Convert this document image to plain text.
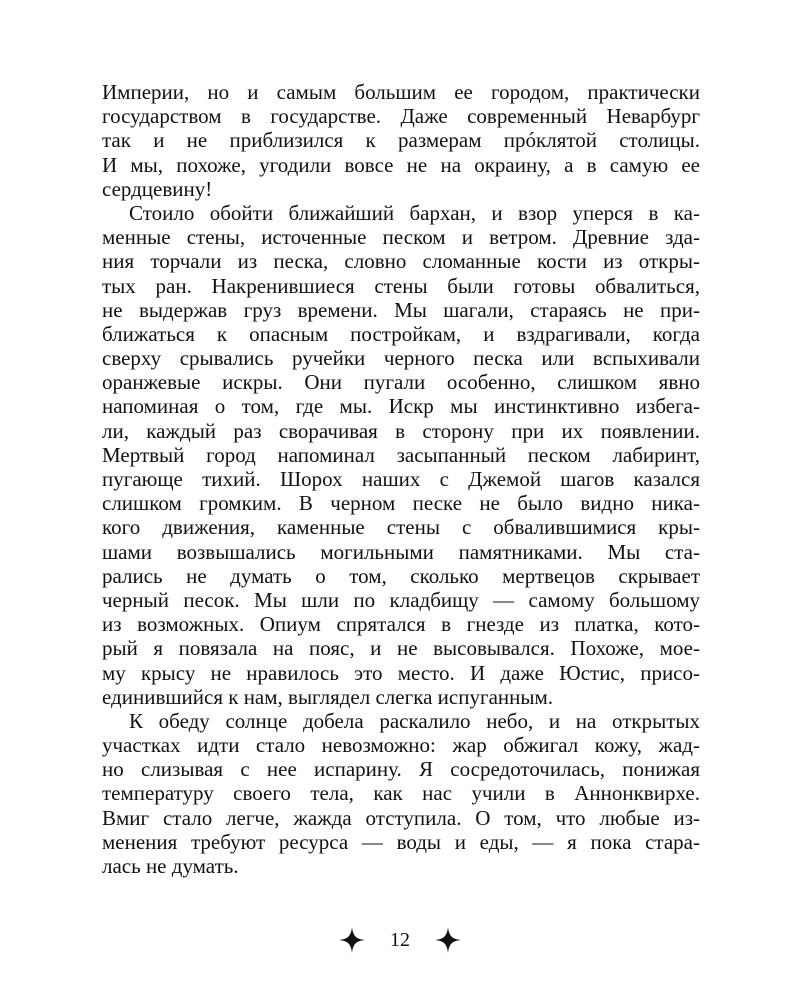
Империи, но и самым большим ее городом, практически
государством в государстве. Даже современный Неварбург
так и не приблизился к размерам прóклятой столицы.
И мы, похоже, угодили вовсе не на окраину, а в самую ее
сердцевину!
Стоило обойти ближайший бархан, и взор уперся в ка-
менные стены, источенные песком и ветром. Древние зда-
ния торчали из песка, словно сломанные кости из откры-
тых ран. Накренившиеся стены были готовы обвалиться,
не выдержав груз времени. Мы шагали, стараясь не при-
ближаться к опасным постройкам, и вздрагивали, когда
сверху срывались ручейки черного песка или вспыхивали
оранжевые искры. Они пугали особенно, слишком явно
напоминая о том, где мы. Искр мы инстинктивно избега-
ли, каждый раз сворачивая в сторону при их появлении.
Мертвый город напоминал засыпанный песком лабиринт,
пугающе тихий. Шорох наших с Джемой шагов казался
слишком громким. В черном песке не было видно ника-
кого движения, каменные стены с обвалившимися кры-
шами возвышались могильными памятниками. Мы ста-
рались не думать о том, сколько мертвецов скрывает
черный песок. Мы шли по кладбищу — самому большому
из возможных. Опиум спрятался в гнезде из платка, кото-
рый я повязала на пояс, и не высовывался. Похоже, мое-
му крысу не нравилось это место. И даже Юстис, присо-
единившийся к нам, выглядел слегка испуганным.
К обеду солнце добела раскалило небо, и на открытых
участках идти стало невозможно: жар обжигал кожу, жад-
но слизывая с нее испарину. Я сосредоточилась, понижая
температуру своего тела, как нас учили в Аннонквирхе.
Вмиг стало легче, жажда отступила. О том, что любые из-
менения требуют ресурса — воды и еды, — я пока стара-
лась не думать.
12
